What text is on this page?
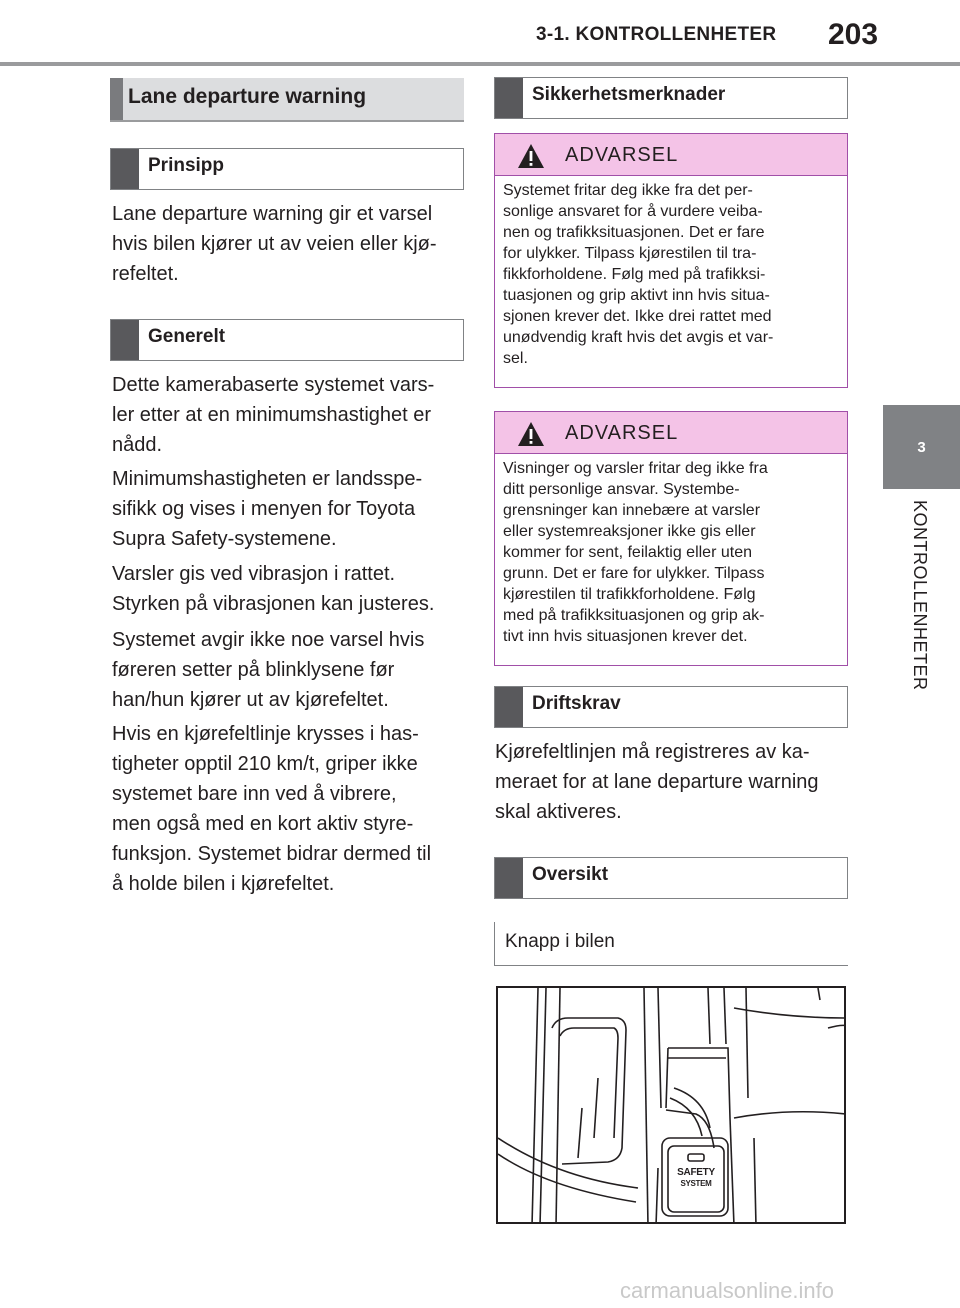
3-1. KONTROLLENHETER 203
3
KONTROLLENHETER
Lane departure warning
Prinsipp
Lane departure warning gir et varsel
hvis bilen kjører ut av veien eller kjø-
refeltet.
Generelt
Dette kamerabaserte systemet vars-
ler etter at en minimumshastighet er
nådd.
Minimumshastigheten er landsspe-
sifikk og vises i menyen for Toyota
Supra Safety-systemene.
Varsler gis ved vibrasjon i rattet.
Styrken på vibrasjonen kan justeres.
Systemet avgir ikke noe varsel hvis
føreren setter på blinklysene før
han/hun kjører ut av kjørefeltet.
Hvis en kjørefeltlinje krysses i has-
tigheter opptil 210 km/t, griper ikke
systemet bare inn ved å vibrere,
men også med en kort aktiv styre-
funksjon. Systemet bidrar dermed til
å holde bilen i kjørefeltet.
Sikkerhetsmerknader
ADVARSEL
Systemet fritar deg ikke fra det per-
sonlige ansvaret for å vurdere veiba-
nen og trafikksituasjonen. Det er fare
for ulykker. Tilpass kjørestilen til tra-
fikkforholdene. Følg med på trafikksi-
tuasjonen og grip aktivt inn hvis situa-
sjonen krever det. Ikke drei rattet med
unødvendig kraft hvis det avgis et var-
sel.
ADVARSEL
Visninger og varsler fritar deg ikke fra
ditt personlige ansvar. Systembe-
grensninger kan innebære at varsler
eller systemreaksjoner ikke gis eller
kommer for sent, feilaktig eller uten
grunn. Det er fare for ulykker. Tilpass
kjørestilen til trafikkforholdene. Følg
med på trafikksituasjonen og grip ak-
tivt inn hvis situasjonen krever det.
Driftskrav
Kjørefeltlinjen må registreres av ka-
meraet for at lane departure warning
skal aktiveres.
Oversikt
Knapp i bilen
SAFETY
SYSTEM
carmanualsonline.info
